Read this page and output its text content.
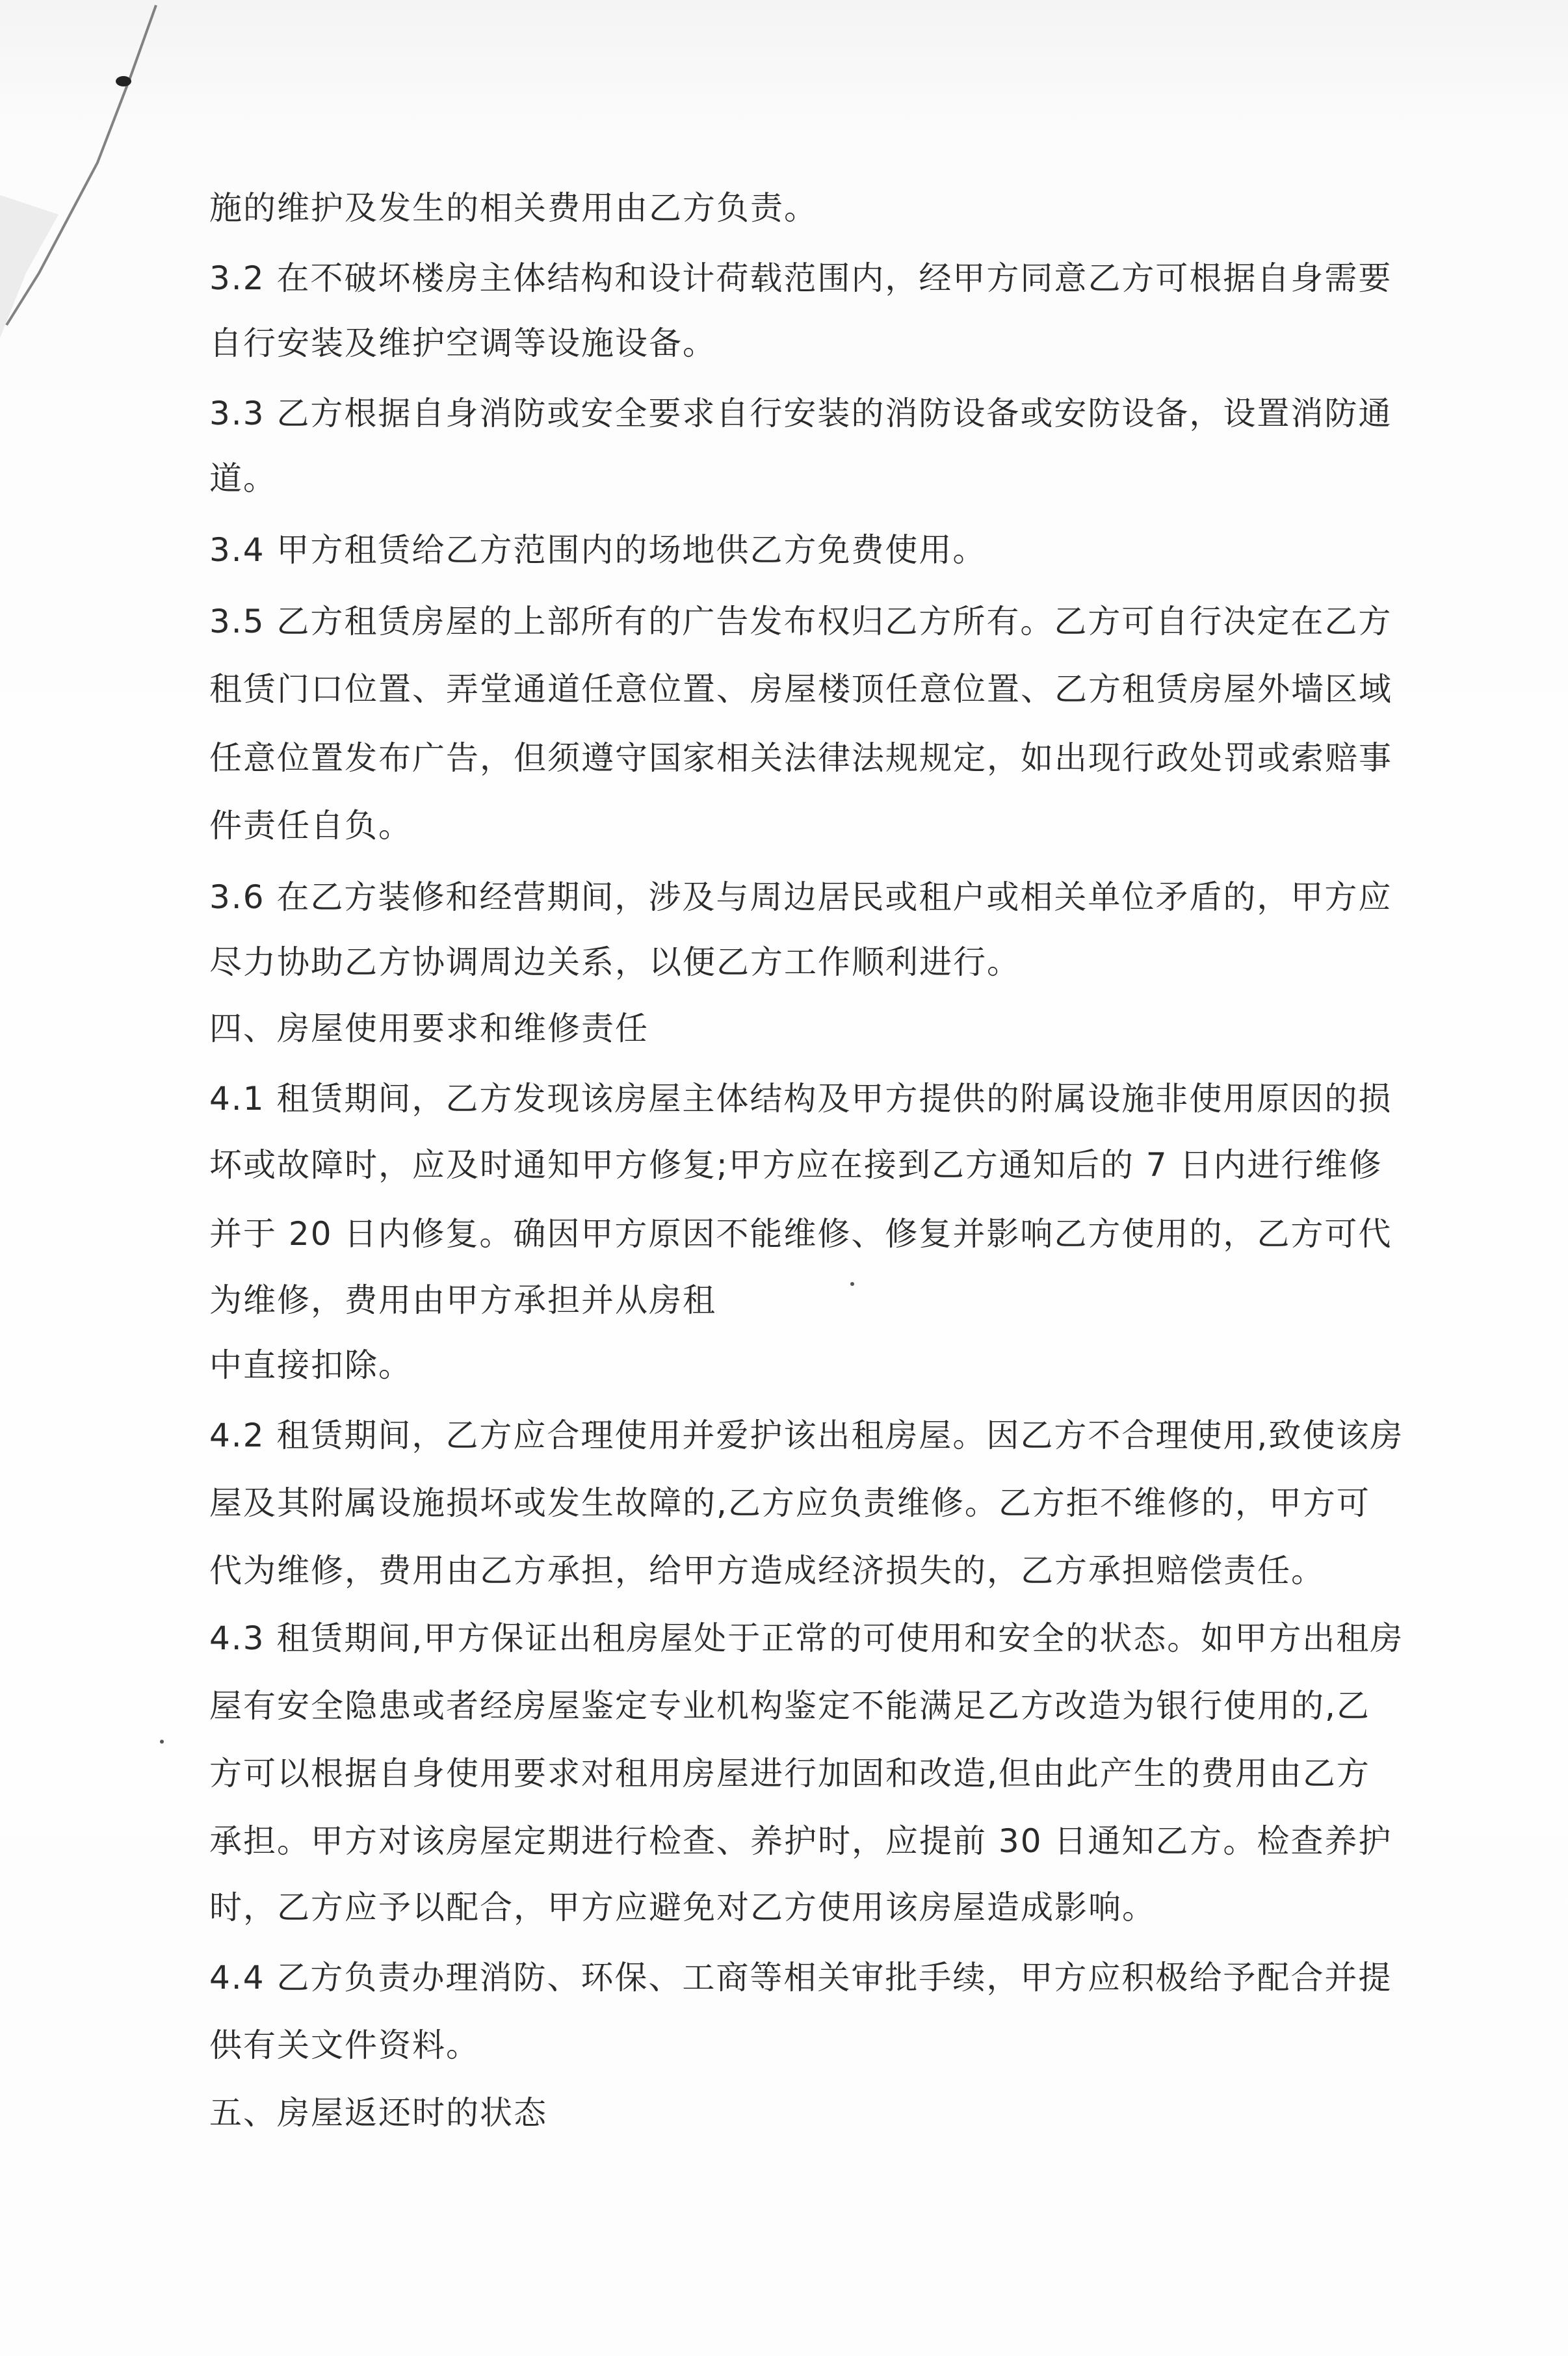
施的维护及发生的相关费用由乙方负责。
3.2 在不破坏楼房主体结构和设计荷载范围内，经甲方同意乙方可根据自身需要
自行安装及维护空调等设施设备。
3.3 乙方根据自身消防或安全要求自行安装的消防设备或安防设备，设置消防通
道。
3.4 甲方租赁给乙方范围内的场地供乙方免费使用。
3.5 乙方租赁房屋的上部所有的广告发布权归乙方所有。乙方可自行决定在乙方
租赁门口位置、弄堂通道任意位置、房屋楼顶任意位置、乙方租赁房屋外墙区域
任意位置发布广告，但须遵守国家相关法律法规规定，如出现行政处罚或索赔事
件责任自负。
3.6 在乙方装修和经营期间，涉及与周边居民或租户或相关单位矛盾的，甲方应
尽力协助乙方协调周边关系，以便乙方工作顺利进行。
四、房屋使用要求和维修责任
4.1 租赁期间，乙方发现该房屋主体结构及甲方提供的附属设施非使用原因的损
坏或故障时，应及时通知甲方修复;甲方应在接到乙方通知后的 7 日内进行维修
并于 20 日内修复。确因甲方原因不能维修、修复并影响乙方使用的，乙方可代
为维修，费用由甲方承担并从房租
中直接扣除。
4.2 租赁期间，乙方应合理使用并爱护该出租房屋。因乙方不合理使用,致使该房
屋及其附属设施损坏或发生故障的,乙方应负责维修。乙方拒不维修的，甲方可
代为维修，费用由乙方承担，给甲方造成经济损失的，乙方承担赔偿责任。
4.3 租赁期间,甲方保证出租房屋处于正常的可使用和安全的状态。如甲方出租房
屋有安全隐患或者经房屋鉴定专业机构鉴定不能满足乙方改造为银行使用的,乙
方可以根据自身使用要求对租用房屋进行加固和改造,但由此产生的费用由乙方
承担。甲方对该房屋定期进行检查、养护时，应提前 30 日通知乙方。检查养护
时，乙方应予以配合，甲方应避免对乙方使用该房屋造成影响。
4.4 乙方负责办理消防、环保、工商等相关审批手续，甲方应积极给予配合并提
供有关文件资料。
五、房屋返还时的状态
